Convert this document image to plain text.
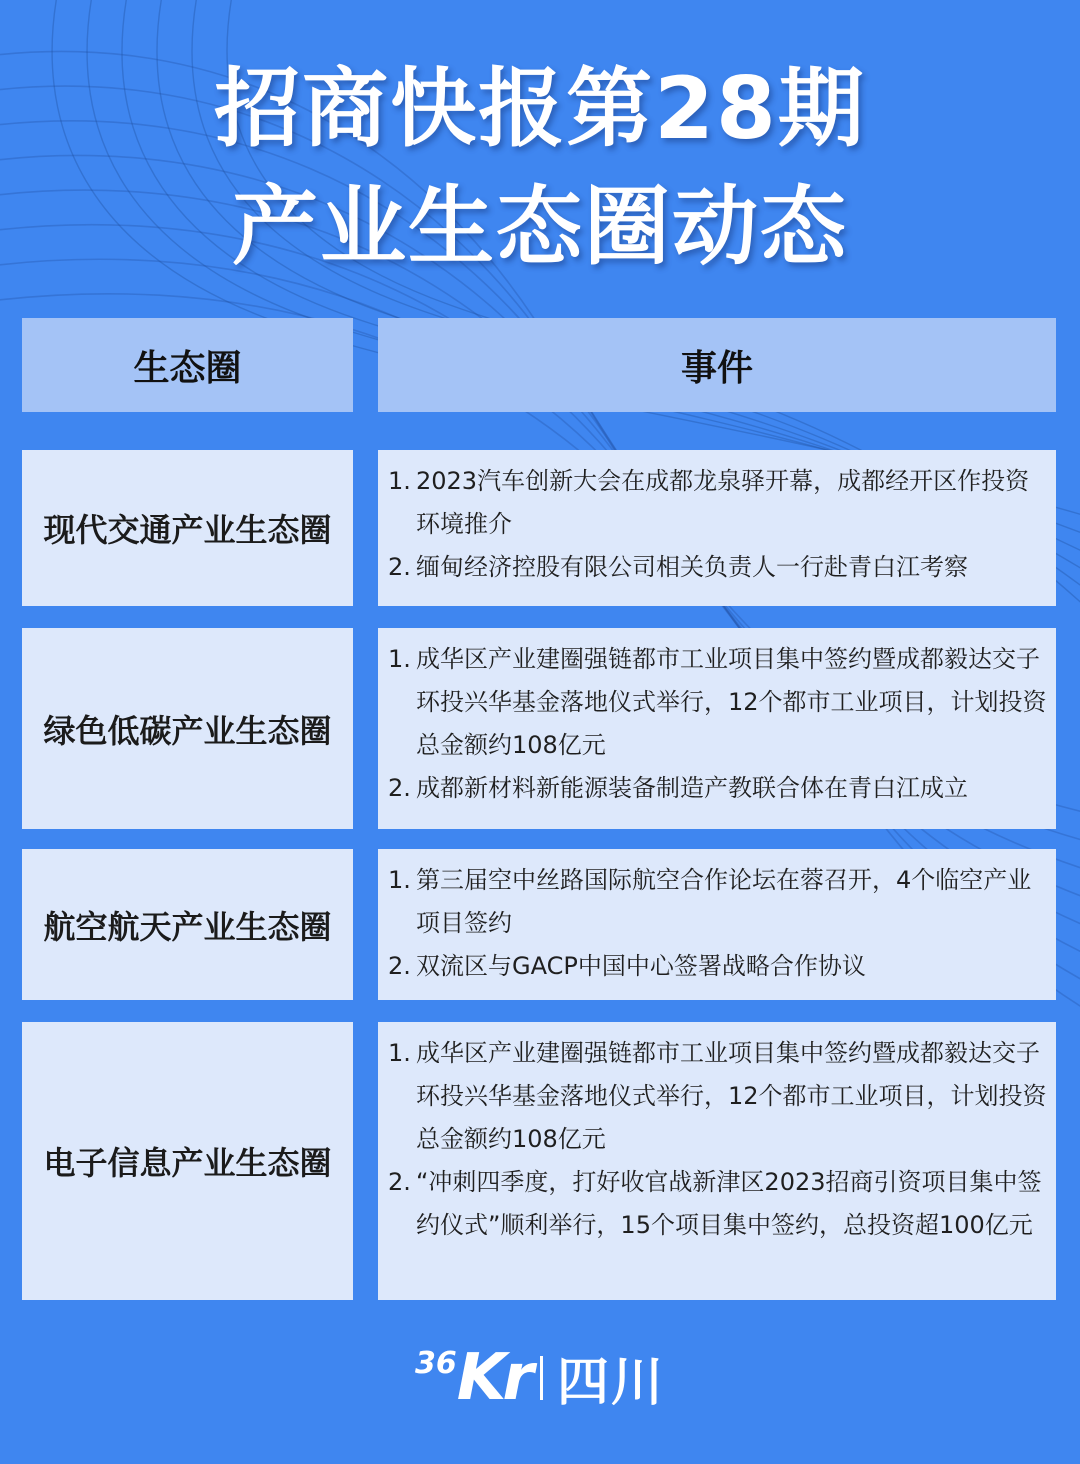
招商快报第28期
产业生态圈动态
生态圈	事件
现代交通产业生态圈
1. 2023汽车创新大会在成都龙泉驿开幕，成都经开区作投资环境推介
2. 缅甸经济控股有限公司相关负责人一行赴青白江考察
绿色低碳产业生态圈
1. 成华区产业建圈强链都市工业项目集中签约暨成都毅达交子环投兴华基金落地仪式举行，12个都市工业项目，计划投资总金额约108亿元
2. 成都新材料新能源装备制造产教联合体在青白江成立
航空航天产业生态圈
1. 第三届空中丝路国际航空合作论坛在蓉召开，4个临空产业项目签约
2. 双流区与GACP中国中心签署战略合作协议
电子信息产业生态圈
1. 成华区产业建圈强链都市工业项目集中签约暨成都毅达交子环投兴华基金落地仪式举行，12个都市工业项目，计划投资总金额约108亿元
2. “冲刺四季度，打好收官战新津区2023招商引资项目集中签约仪式”顺利举行，15个项目集中签约，总投资超100亿元
36 Kr 四川
